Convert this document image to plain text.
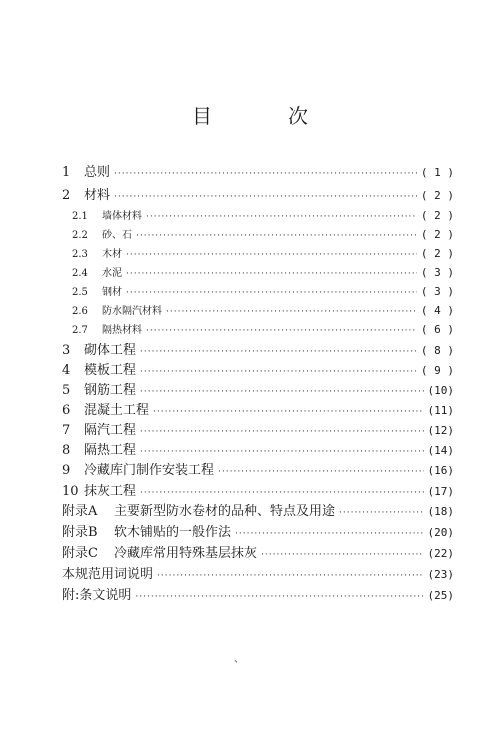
目　次
1	总则 ·····	( 1 )
2	材料 ·····	( 2 )
2.1	墙体材料 ·····	( 2 )
2.2	砂、石 ·····	( 2 )
2.3	木材 ·····	( 2 )
2.4	水泥 ·····	( 3 )
2.5	钢材 ·····	( 3 )
2.6	防水隔汽材料 ·····	( 4 )
2.7	隔热材料 ·····	( 6 )
3	砌体工程 ·····	( 8 )
4	模板工程 ·····	( 9 )
5	钢筋工程 ·····	(10)
6	混凝土工程 ·····	(11)
7	隔汽工程 ·····	(12)
8	隔热工程 ·····	(14)
9	冷藏库门制作安装工程 ·····	(16)
10 抹灰工程 ·····	(17)
附录A	主要新型防水卷材的品种、特点及用途 ·····	(18)
附录B	软木铺贴的一般作法 ·····	(20)
附录C	冷藏库常用特殊基层抹灰 ·····	(22)
本规范用词说明 ·····	(23)
附:条文说明 ·····	(25)
、
